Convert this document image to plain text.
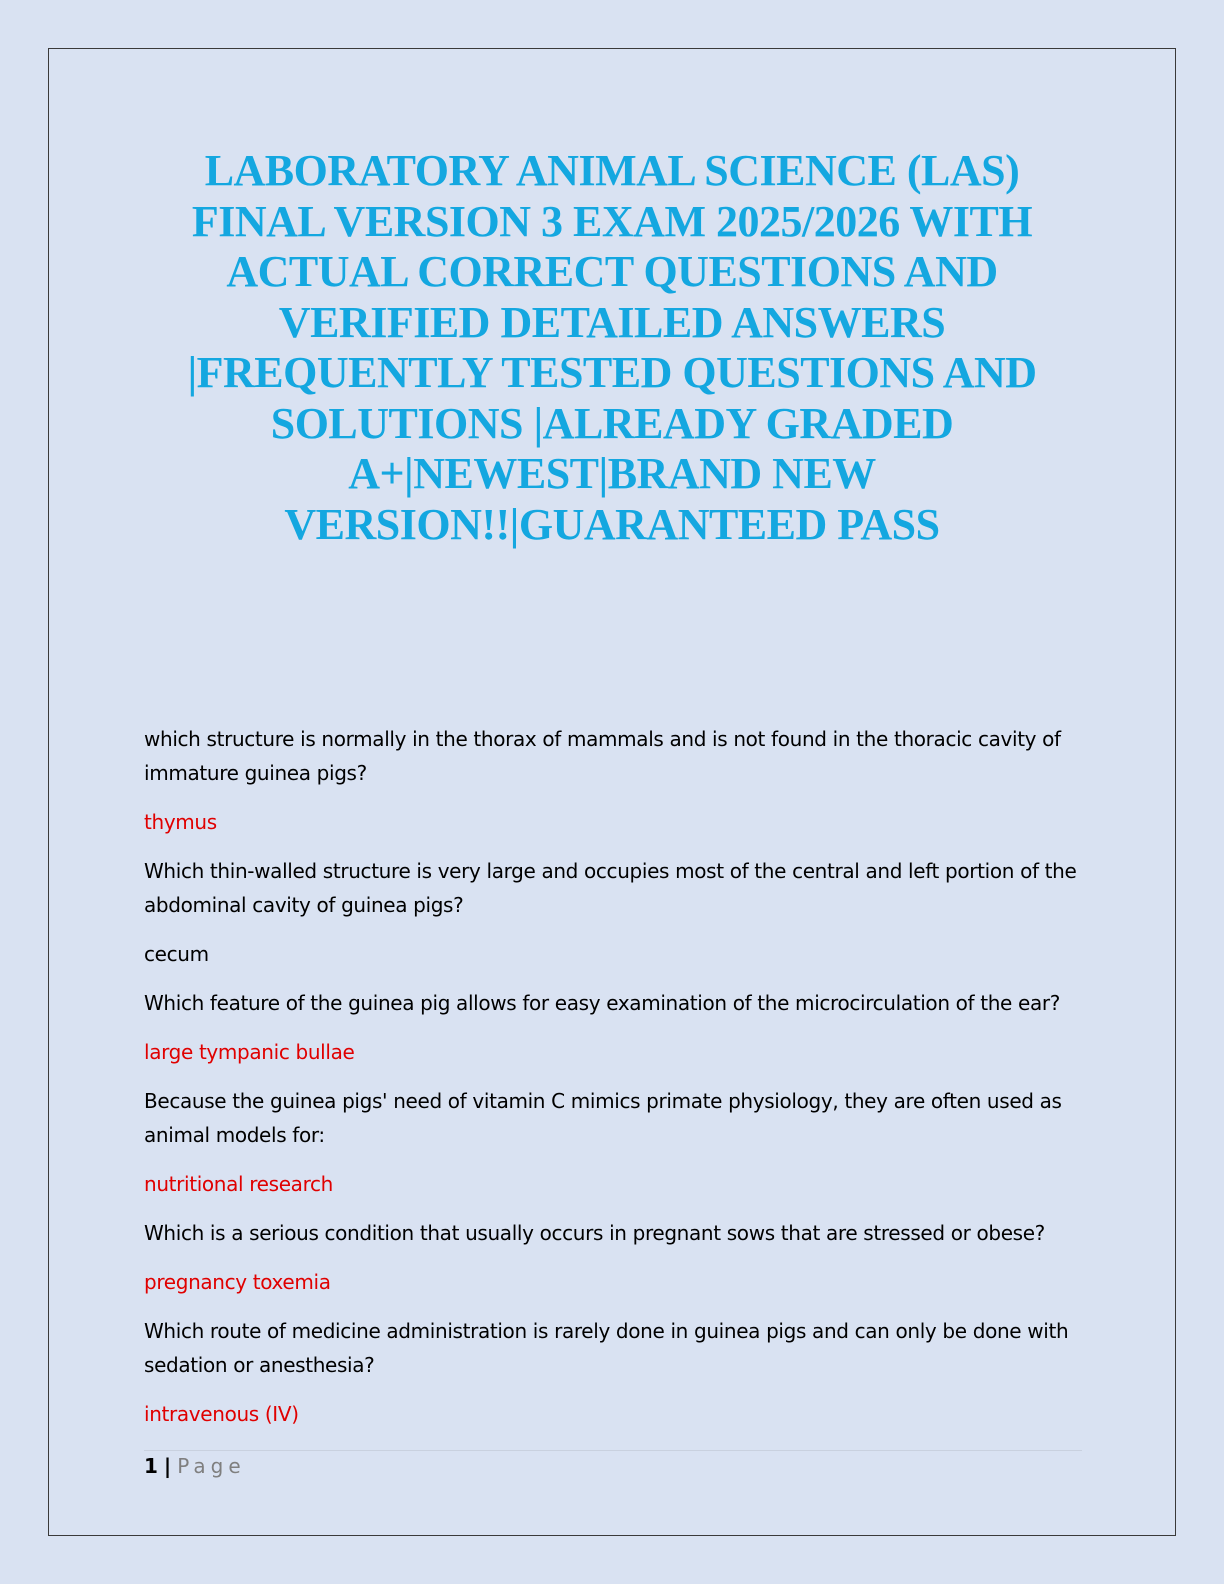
LABORATORY ANIMAL SCIENCE (LAS) FINAL VERSION 3 EXAM 2025/2026 WITH ACTUAL CORRECT QUESTIONS AND VERIFIED DETAILED ANSWERS |FREQUENTLY TESTED QUESTIONS AND SOLUTIONS |ALREADY GRADED A+|NEWEST|BRAND NEW VERSION!!|GUARANTEED PASS

which structure is normally in the thorax of mammals and is not found in the thoracic cavity of immature guinea pigs?

thymus

Which thin-walled structure is very large and occupies most of the central and left portion of the abdominal cavity of guinea pigs?

cecum

Which feature of the guinea pig allows for easy examination of the microcirculation of the ear?

large tympanic bullae

Because the guinea pigs' need of vitamin C mimics primate physiology, they are often used as animal models for:

nutritional research

Which is a serious condition that usually occurs in pregnant sows that are stressed or obese?

pregnancy toxemia

Which route of medicine administration is rarely done in guinea pigs and can only be done with sedation or anesthesia?

intravenous (IV)

1 | Page
